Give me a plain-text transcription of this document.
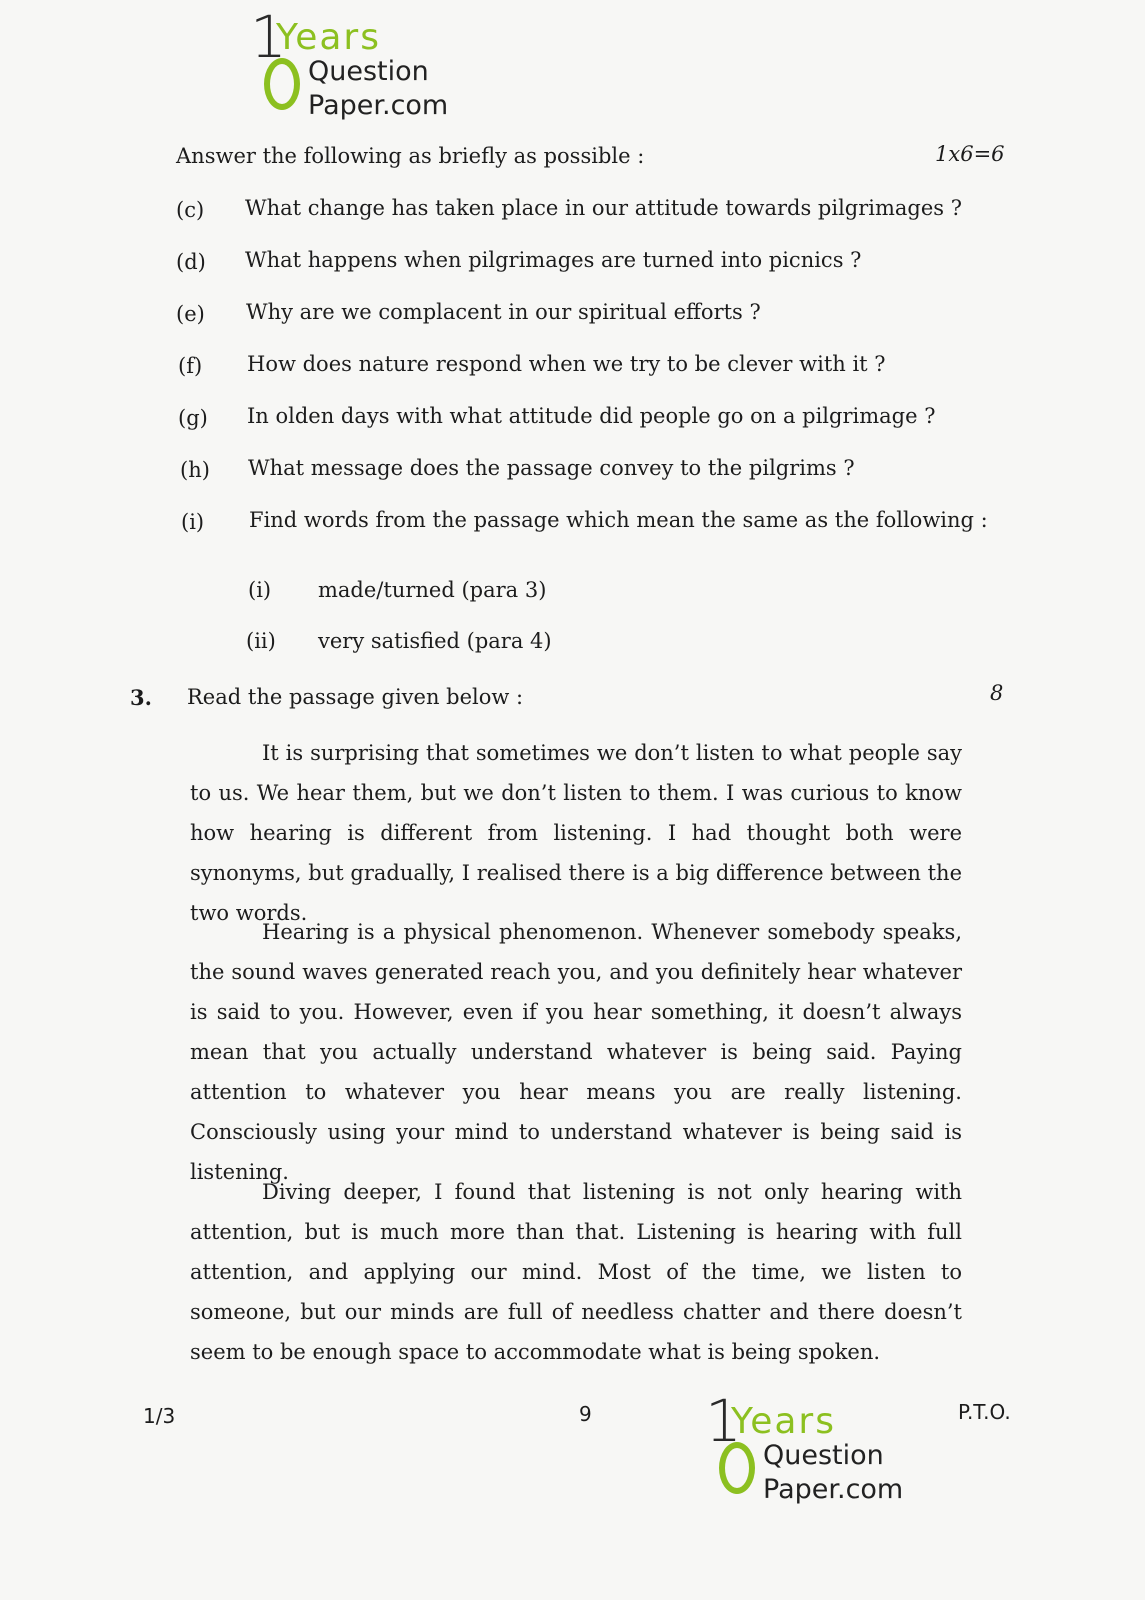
1
Years
Question
Paper.com
Answer the following as briefly as possible :	1x6=6
(c) What change has taken place in our attitude towards pilgrimages ?
(d) What happens when pilgrimages are turned into picnics ?
(e) Why are we complacent in our spiritual efforts ?
(f) How does nature respond when we try to be clever with it ?
(g) In olden days with what attitude did people go on a pilgrimage ?
(h) What message does the passage convey to the pilgrims ?
(i) Find words from the passage which mean the same as the following :
(i) made/turned (para 3)
(ii) very satisfied (para 4)
3. Read the passage given below :	8
It is surprising that sometimes we don’t listen to what people say to us. We hear them, but we don’t listen to them. I was curious to know how hearing is different from listening. I had thought both were synonyms, but gradually, I realised there is a big difference between the two words.
Hearing is a physical phenomenon. Whenever somebody speaks, the sound waves generated reach you, and you definitely hear whatever is said to you. However, even if you hear something, it doesn’t always mean that you actually understand whatever is being said. Paying attention to whatever you hear means you are really listening. Consciously using your mind to understand whatever is being said is listening.
Diving deeper, I found that listening is not only hearing with attention, but is much more than that. Listening is hearing with full attention, and applying our mind. Most of the time, we listen to someone, but our minds are full of needless chatter and there doesn’t seem to be enough space to accommodate what is being spoken.
1/3	9	P.T.O.
1
Years
Question
Paper.com
